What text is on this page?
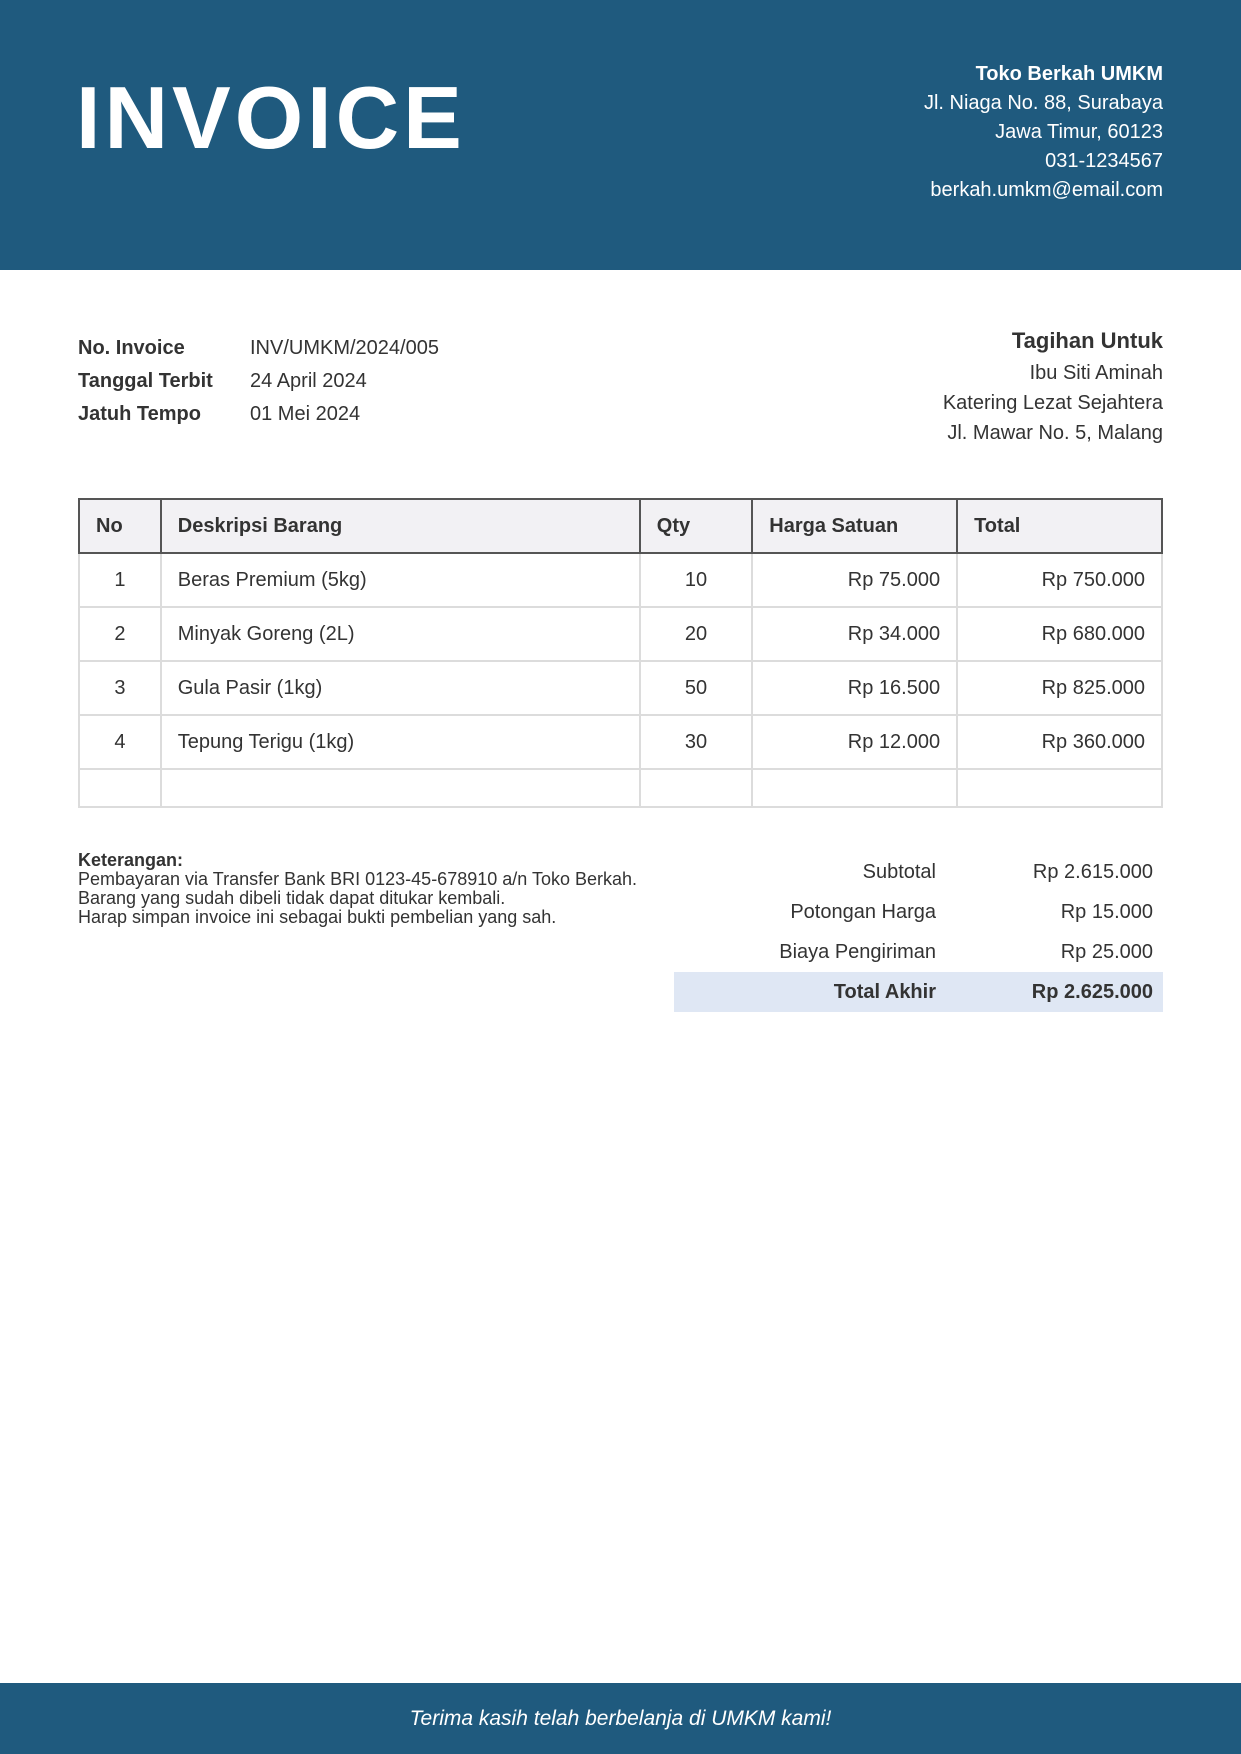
INVOICE	Toko Berkah UMKM
Jl. Niaga No. 88, Surabaya
Jawa Timur, 60123
031-1234567
berkah.umkm@email.com
No. Invoice	INV/UMKM/2024/005
Tanggal Terbit	24 April 2024
Jatuh Tempo	01 Mei 2024
Tagihan Untuk
Ibu Siti Aminah
Katering Lezat Sejahtera
Jl. Mawar No. 5, Malang
No	Deskripsi Barang	Qty	Harga Satuan	Total
1	Beras Premium (5kg)	10	Rp 75.000	Rp 750.000
2	Minyak Goreng (2L)	20	Rp 34.000	Rp 680.000
3	Gula Pasir (1kg)	50	Rp 16.500	Rp 825.000
4	Tepung Terigu (1kg)	30	Rp 12.000	Rp 360.000

Keterangan:
Pembayaran via Transfer Bank BRI 0123-45-678910 a/n Toko Berkah.
Barang yang sudah dibeli tidak dapat ditukar kembali.
Harap simpan invoice ini sebagai bukti pembelian yang sah.
Subtotal	Rp 2.615.000
Potongan Harga	Rp 15.000
Biaya Pengiriman	Rp 25.000
Total Akhir	Rp 2.625.000
Terima kasih telah berbelanja di UMKM kami!
